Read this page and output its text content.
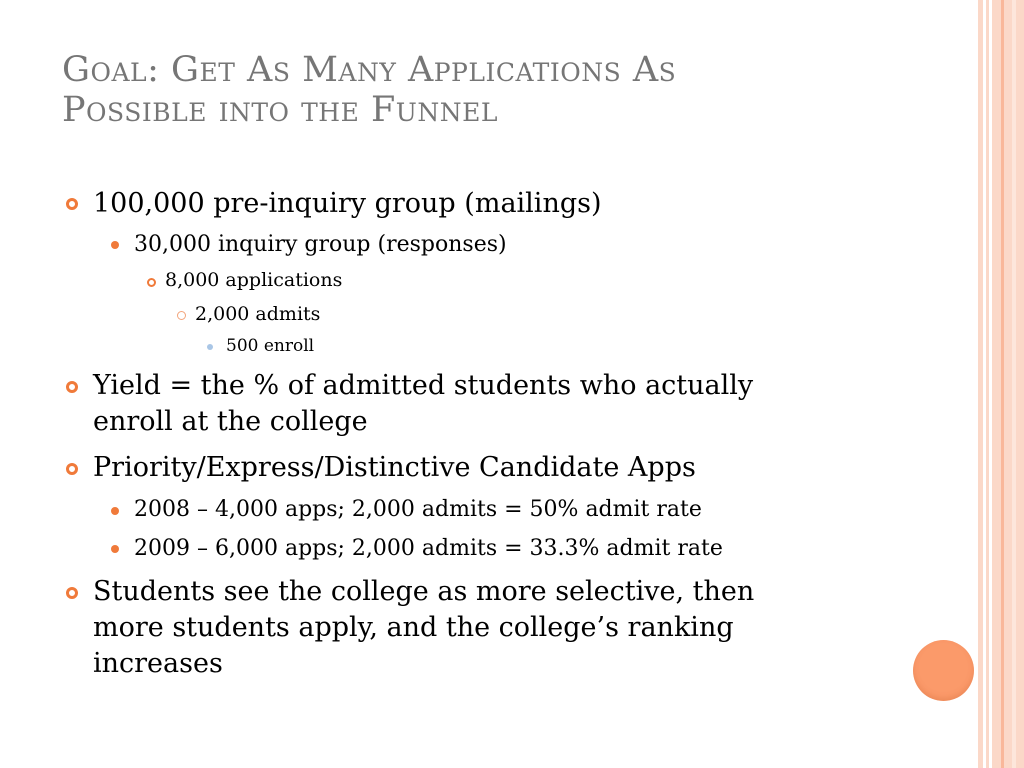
Goal: Get As Many Applications As
Possible into the Funnel
100,000 pre-inquiry group (mailings)
30,000 inquiry group (responses)
8,000 applications
2,000 admits
500 enroll
Yield = the % of admitted students who actually
enroll at the college
Priority/Express/Distinctive Candidate Apps
2008 – 4,000 apps; 2,000 admits = 50% admit rate
2009 – 6,000 apps; 2,000 admits = 33.3% admit rate
Students see the college as more selective, then
more students apply, and the college’s ranking
increases
